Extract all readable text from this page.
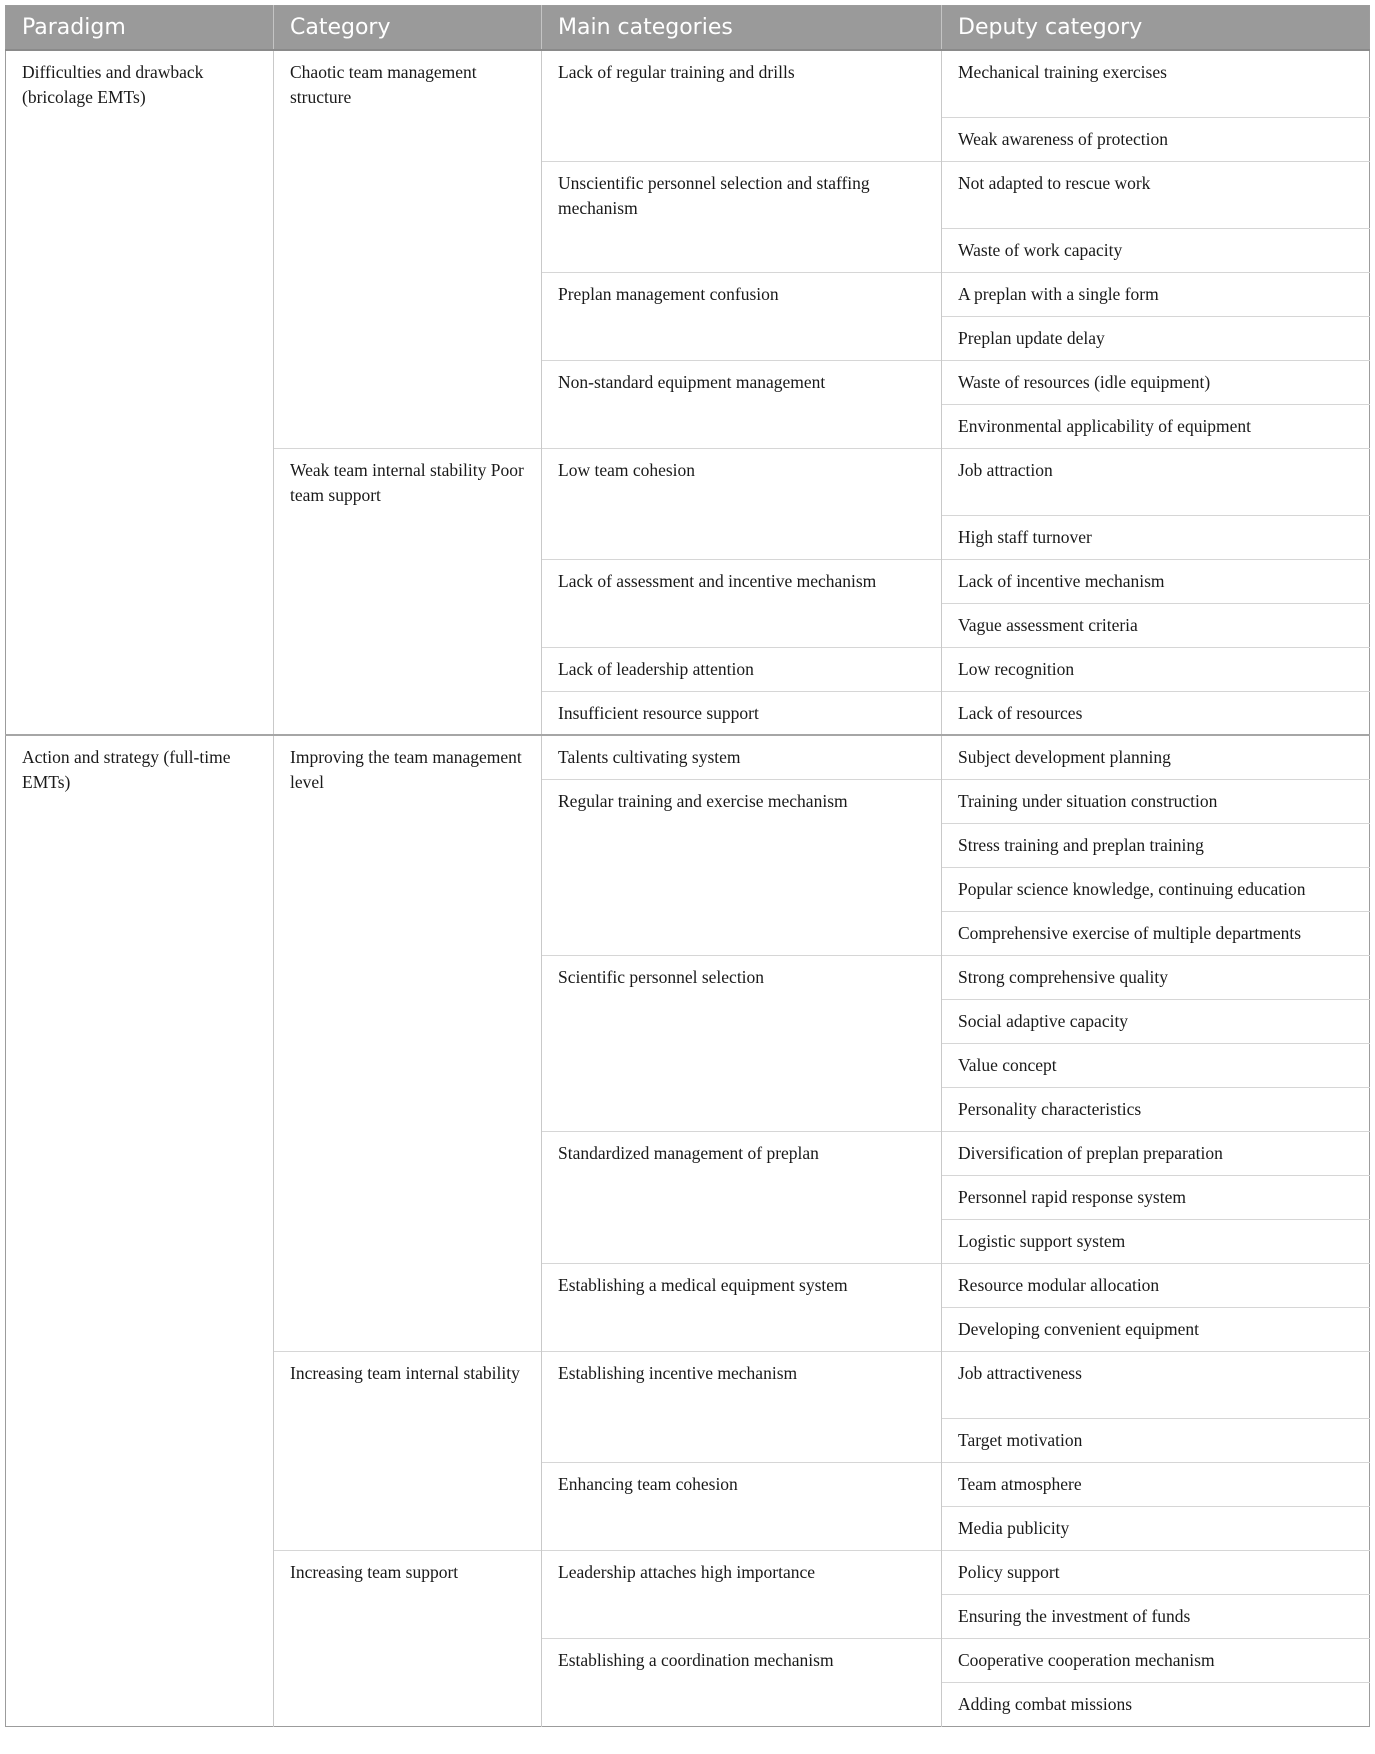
Paradigm	Category	Main categories	Deputy category
Difficulties and drawback (bricolage EMTs)	Chaotic team management structure	Lack of regular training and drills	Mechanical training exercises
			Weak awareness of protection
		Unscientific personnel selection and staffing mechanism	Not adapted to rescue work
			Waste of work capacity
		Preplan management confusion	A preplan with a single form
			Preplan update delay
		Non-standard equipment management	Waste of resources (idle equipment)
			Environmental applicability of equipment
	Weak team internal stability Poor team support	Low team cohesion	Job attraction
			High staff turnover
		Lack of assessment and incentive mechanism	Lack of incentive mechanism
			Vague assessment criteria
		Lack of leadership attention	Low recognition
		Insufficient resource support	Lack of resources
Action and strategy (full-time EMTs)	Improving the team management level	Talents cultivating system	Subject development planning
		Regular training and exercise mechanism	Training under situation construction
			Stress training and preplan training
			Popular science knowledge, continuing education
			Comprehensive exercise of multiple departments
		Scientific personnel selection	Strong comprehensive quality
			Social adaptive capacity
			Value concept
			Personality characteristics
		Standardized management of preplan	Diversification of preplan preparation
			Personnel rapid response system
			Logistic support system
		Establishing a medical equipment system	Resource modular allocation
			Developing convenient equipment
	Increasing team internal stability	Establishing incentive mechanism	Job attractiveness
			Target motivation
		Enhancing team cohesion	Team atmosphere
			Media publicity
	Increasing team support	Leadership attaches high importance	Policy support
			Ensuring the investment of funds
		Establishing a coordination mechanism	Cooperative cooperation mechanism
			Adding combat missions
